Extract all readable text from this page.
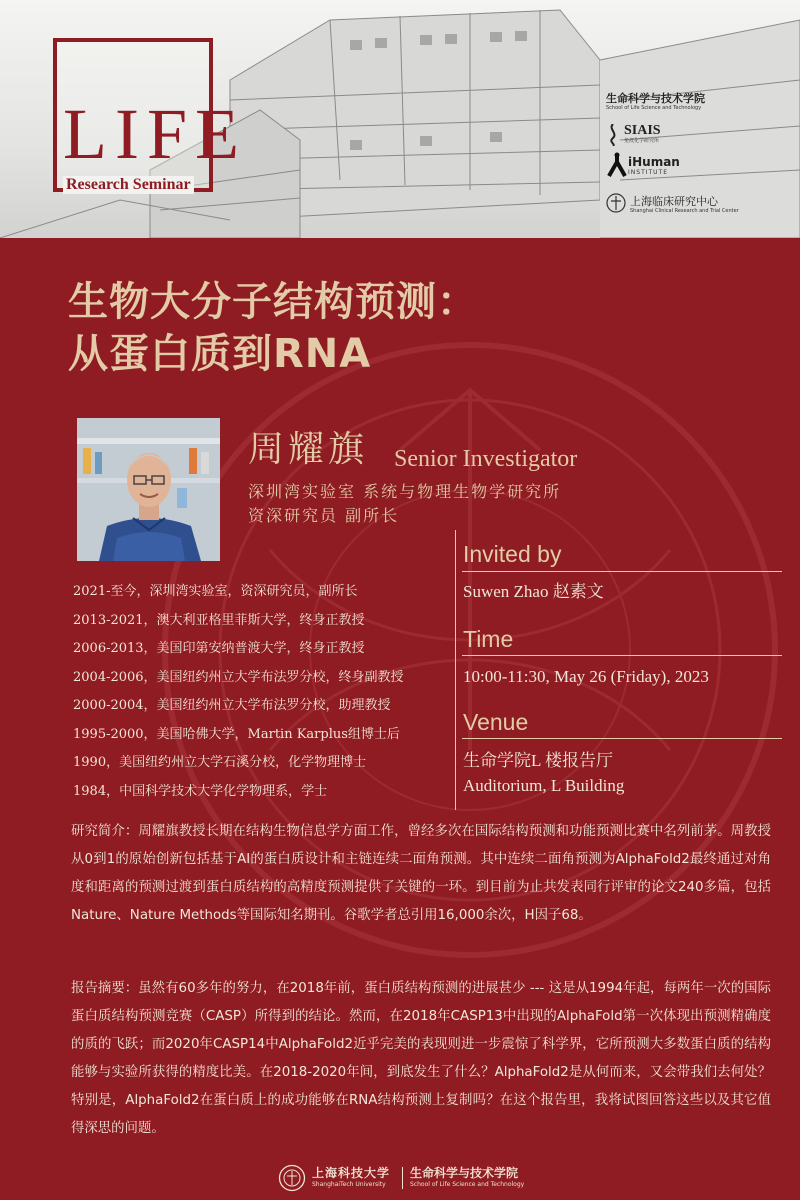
LIFE
Research Seminar
生命科学与技术学院
School of Life Science and Technology
SIAIS
免疫化学研究所
iHuman
INSTITUTE
上海临床研究中心
Shanghai Clinical Research and Trial Center
生物大分子结构预测：
从蛋白质到RNA
周耀旗 Senior Investigator
深圳湾实验室 系统与物理生物学研究所
资深研究员 副所长
2021-至今，深圳湾实验室，资深研究员，副所长
2013-2021，澳大利亚格里菲斯大学，终身正教授
2006-2013，美国印第安纳普渡大学，终身正教授
2004-2006，美国纽约州立大学布法罗分校，终身副教授
2000-2004，美国纽约州立大学布法罗分校，助理教授
1995-2000，美国哈佛大学，Martin Karplus组博士后
1990，美国纽约州立大学石溪分校，化学物理博士
1984，中国科学技术大学化学物理系，学士
Invited by
Suwen Zhao 赵素文
Time
10:00-11:30, May 26 (Friday), 2023
Venue
生命学院L 楼报告厅
Auditorium, L Building

研究简介：周耀旗教授长期在结构生物信息学方面工作，曾经多次在国际结构预测和功能预测比赛中名列前茅。周教授从0到1的原始创新包括基于AI的蛋白质设计和主链连续二面角预测。其中连续二面角预测为AlphaFold2最终通过对角度和距离的预测过渡到蛋白质结构的高精度预测提供了关键的一环。到目前为止共发表同行评审的论文240多篇，包括Nature、Nature Methods等国际知名期刊。谷歌学者总引用16,000余次，H因子68。

报告摘要：虽然有60多年的努力，在2018年前，蛋白质结构预测的进展甚少 --- 这是从1994年起，每两年一次的国际蛋白质结构预测竞赛（CASP）所得到的结论。然而，在2018年CASP13中出现的AlphaFold第一次体现出预测精确度的质的飞跃；而2020年CASP14中AlphaFold2近乎完美的表现则进一步震惊了科学界，它所预测大多数蛋白质的结构能够与实验所获得的精度比美。在2018-2020年间，到底发生了什么？AlphaFold2是从何而来，又会带我们去何处？特别是，AlphaFold2在蛋白质上的成功能够在RNA结构预测上复制吗？在这个报告里，我将试图回答这些以及其它值得深思的问题。

上海科技大学
ShanghaiTech University
生命科学与技术学院
School of Life Science and Technology
